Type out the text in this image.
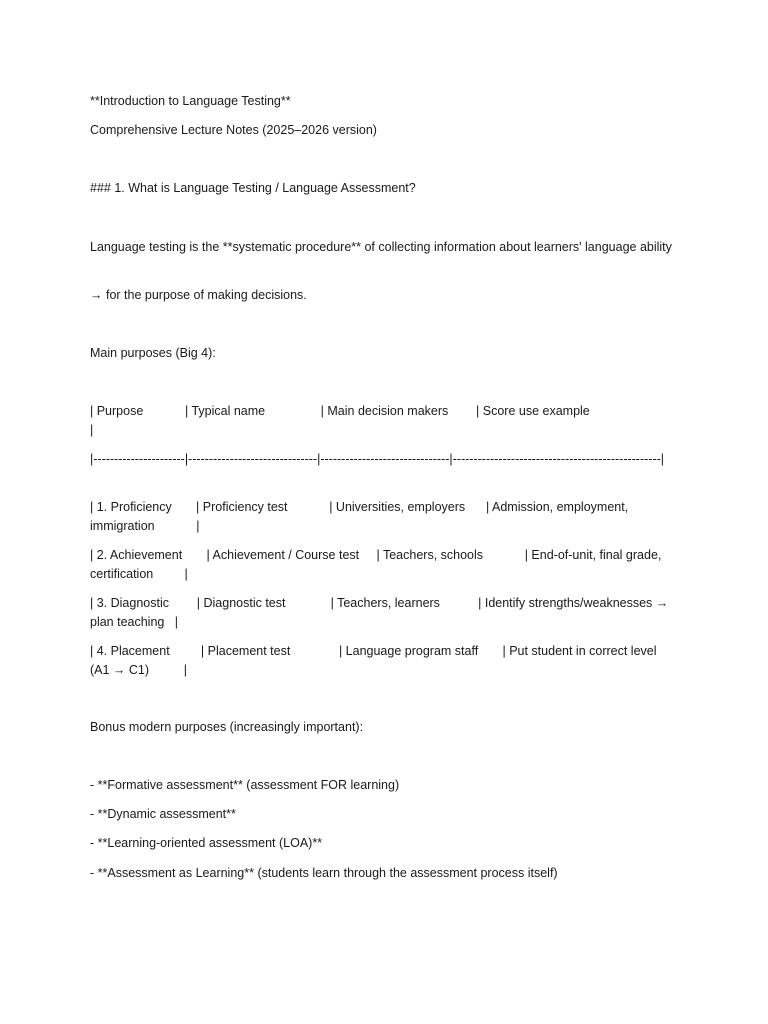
**Introduction to Language Testing**
Comprehensive Lecture Notes (2025–2026 version)
### 1. What is Language Testing / Language Assessment?
Language testing is the **systematic procedure** of collecting information about learners' language ability
→ for the purpose of making decisions.
Main purposes (Big 4):
| Purpose            | Typical name                | Main decision makers        | Score use example                                  |
|----------------------|-------------------------------|-------------------------------|--------------------------------------------------|
| 1. Proficiency       | Proficiency test            | Universities, employers      | Admission, employment, immigration            |
| 2. Achievement       | Achievement / Course test     | Teachers, schools            | End-of-unit, final grade, certification         |
| 3. Diagnostic        | Diagnostic test             | Teachers, learners           | Identify strengths/weaknesses → plan teaching   |
| 4. Placement         | Placement test              | Language program staff       | Put student in correct level (A1 → C1)          |
Bonus modern purposes (increasingly important):
- **Formative assessment** (assessment FOR learning)
- **Dynamic assessment**
- **Learning-oriented assessment (LOA)**
- **Assessment as Learning** (students learn through the assessment process itself)
